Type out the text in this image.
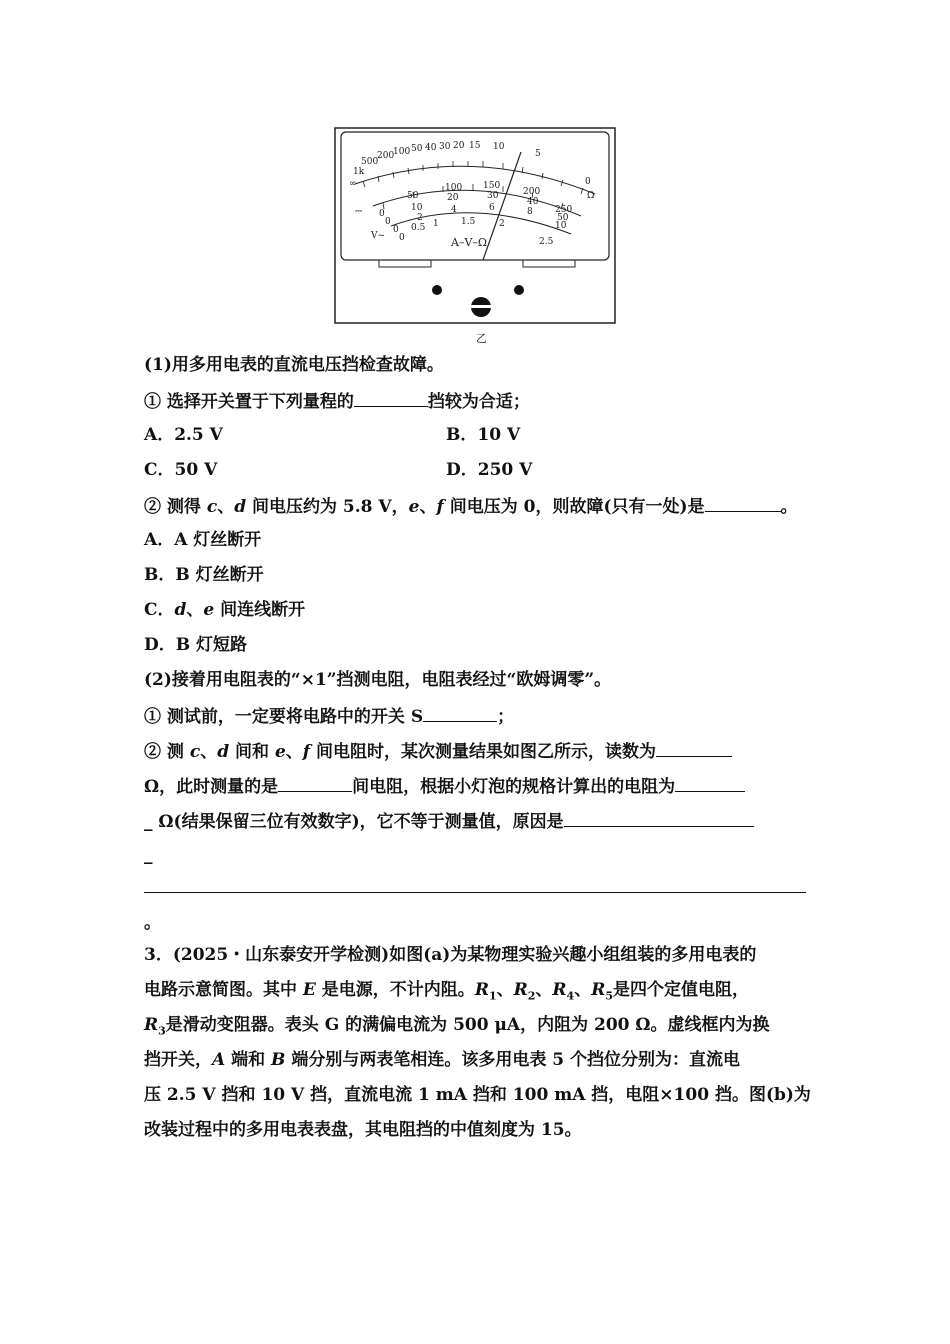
1k
500
200
100 50 40 30 20 15 10
5
0
Ω
∞
⎓
V~
0
50
100 150
200
250
0
10
20	30
40
50
0
2
4	6	8
10
0
0.5 1 1.5	2
2.5
A–V–Ω
乙
(1)用多用电表的直流电压挡检查故障。
① 选择开关置于下列量程的	挡较为合适；
A．2.5 V	B．10 V
C．50 V	D．250 V
② 测得 c、d 间电压约为 5.8 V，e、f 间电压为 0，则故障(只有一处)是	。
A．A 灯丝断开
B．B 灯丝断开
C．d、e 间连线断开
D．B 灯短路
(2)接着用电阻表的“×1”挡测电阻，电阻表经过“欧姆调零”。
① 测试前，一定要将电路中的开关 S	；
② 测 c、d 间和 e、f 间电阻时，某次测量结果如图乙所示，读数为
Ω，此时测量的是	间电阻，根据小灯泡的规格计算出的电阻为
_ Ω(结果保留三位有效数字)，它不等于测量值，原因是
_
。
3．(2025・山东泰安开学检测)如图(a)为某物理实验兴趣小组组装的多用电表的
电路示意简图。其中 E 是电源，不计内阻。$R_1$、$R_2$、$R_4$、$R_5$是四个定值电阻，
$R_3$是滑动变阻器。表头 G 的满偏电流为 500 μA，内阻为 200 Ω。虚线框内为换
挡开关，A 端和 B 端分别与两表笔相连。该多用电表 5 个挡位分别为：直流电
压 2.5 V 挡和 10 V 挡，直流电流 1 mA 挡和 100 mA 挡，电阻×100 挡。图(b)为
改装过程中的多用电表表盘，其电阻挡的中值刻度为 15。
